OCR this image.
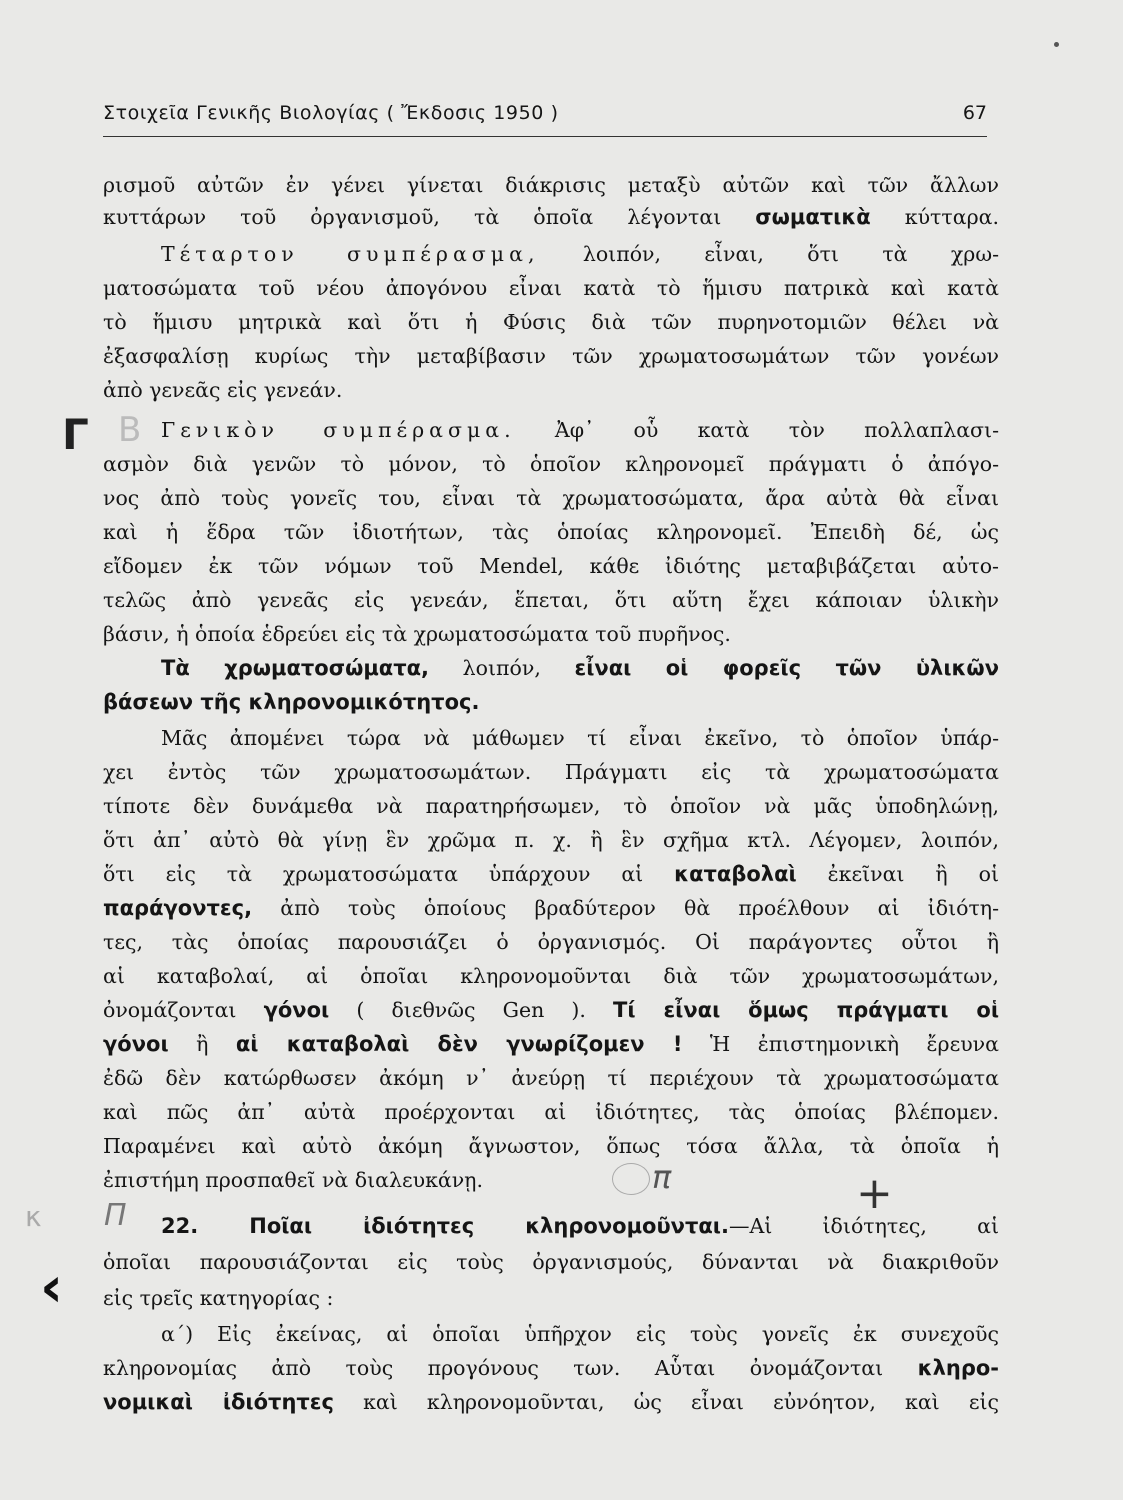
Στοιχεῖα Γενικῆς Βιολογίας ( Ἔκδοσις 1950 )	67
ρισμοῦ αὐτῶν ἐν γένει γίνεται διάκρισις μεταξὺ αὐτῶν καὶ τῶν ἄλλων
κυττάρων τοῦ ὀργανισμοῦ, τὰ ὁποῖα λέγονται σωματικὰ κύτταρα.
Τέταρτον συμπέρασμα, λοιπόν, εἶναι, ὅτι τὰ χρω-
ματοσώματα τοῦ νέου ἀπογόνου εἶναι κατὰ τὸ ἥμισυ πατρικὰ καὶ κατὰ
τὸ ἥμισυ μητρικὰ καὶ ὅτι ἡ Φύσις διὰ τῶν πυρηνοτομιῶν θέλει νὰ
ἐξασφαλίσῃ κυρίως τὴν μεταβίβασιν τῶν χρωματοσωμάτων τῶν γονέων
ἀπὸ γενεᾶς εἰς γενεάν.
Γενικὸν συμπέρασμα. Ἀφ᾽ οὗ κατὰ τὸν πολλαπλασι-
ασμὸν διὰ γενῶν τὸ μόνον, τὸ ὁποῖον κληρονομεῖ πράγματι ὁ ἀπόγο-
νος ἀπὸ τοὺς γονεῖς του, εἶναι τὰ χρωματοσώματα, ἄρα αὐτὰ θὰ εἶναι
καὶ ἡ ἕδρα τῶν ἰδιοτήτων, τὰς ὁποίας κληρονομεῖ. Ἐπειδὴ δέ, ὡς
εἴδομεν ἐκ τῶν νόμων τοῦ Mendel, κάθε ἰδιότης μεταβιβάζεται αὐτο-
τελῶς ἀπὸ γενεᾶς εἰς γενεάν, ἕπεται, ὅτι αὕτη ἔχει κάποιαν ὑλικὴν
βάσιν, ἡ ὁποία ἑδρεύει εἰς τὰ χρωματοσώματα τοῦ πυρῆνος.
Τὰ χρωματοσώματα, λοιπόν, εἶναι οἱ φορεῖς τῶν ὑλικῶν
βάσεων τῆς κληρονομικότητος.
Μᾶς ἀπομένει τώρα νὰ μάθωμεν τί εἶναι ἐκεῖνο, τὸ ὁποῖον ὑπάρ-
χει ἐντὸς τῶν χρωματοσωμάτων. Πράγματι εἰς τὰ χρωματοσώματα
τίποτε δὲν δυνάμεθα νὰ παρατηρήσωμεν, τὸ ὁποῖον νὰ μᾶς ὑποδηλώνῃ,
ὅτι ἀπ᾽ αὐτὸ θὰ γίνῃ ἓν χρῶμα π. χ. ἢ ἓν σχῆμα κτλ. Λέγομεν, λοιπόν,
ὅτι εἰς τὰ χρωματοσώματα ὑπάρχουν αἱ καταβολαὶ ἐκεῖναι ἢ οἱ
παράγοντες, ἀπὸ τοὺς ὁποίους βραδύτερον θὰ προέλθουν αἱ ἰδιότη-
τες, τὰς ὁποίας παρουσιάζει ὁ ὀργανισμός. Οἱ παράγοντες οὗτοι ἢ
αἱ καταβολαί, αἱ ὁποῖαι κληρονομοῦνται διὰ τῶν χρωματοσωμάτων,
ὀνομάζονται γόνοι ( διεθνῶς Gen ). Τί εἶναι ὅμως πράγματι οἱ
γόνοι ἢ αἱ καταβολαὶ δὲν γνωρίζομεν ! Ἡ ἐπιστημονικὴ ἔρευνα
ἐδῶ δὲν κατώρθωσεν ἀκόμη ν᾽ ἀνεύρῃ τί περιέχουν τὰ χρωματοσώματα
καὶ πῶς ἀπ᾽ αὐτὰ προέρχονται αἱ ἰδιότητες, τὰς ὁποίας βλέπομεν.
Παραμένει καὶ αὐτὸ ἀκόμη ἄγνωστον, ὅπως τόσα ἄλλα, τὰ ὁποῖα ἡ
ἐπιστήμη προσπαθεῖ νὰ διαλευκάνῃ.
22. Ποῖαι ἰδιότητες κληρονομοῦνται.—Αἱ ἰδιότητες, αἱ
ὁποῖαι παρουσιάζονται εἰς τοὺς ὀργανισμούς, δύνανται νὰ διακριθοῦν
εἰς τρεῖς κατηγορίας :
α΄) Εἰς ἐκείνας, αἱ ὁποῖαι ὑπῆρχον εἰς τοὺς γονεῖς ἐκ συνεχοῦς
κληρονομίας ἀπὸ τοὺς προγόνους των. Αὗται ὀνομάζονται κληρο-
νομικαὶ ἰδιότητες καὶ κληρονομοῦνται, ὡς εἶναι εὐνόητον, καὶ εἰς
Γ Β
Π
κ
‹
π	+
